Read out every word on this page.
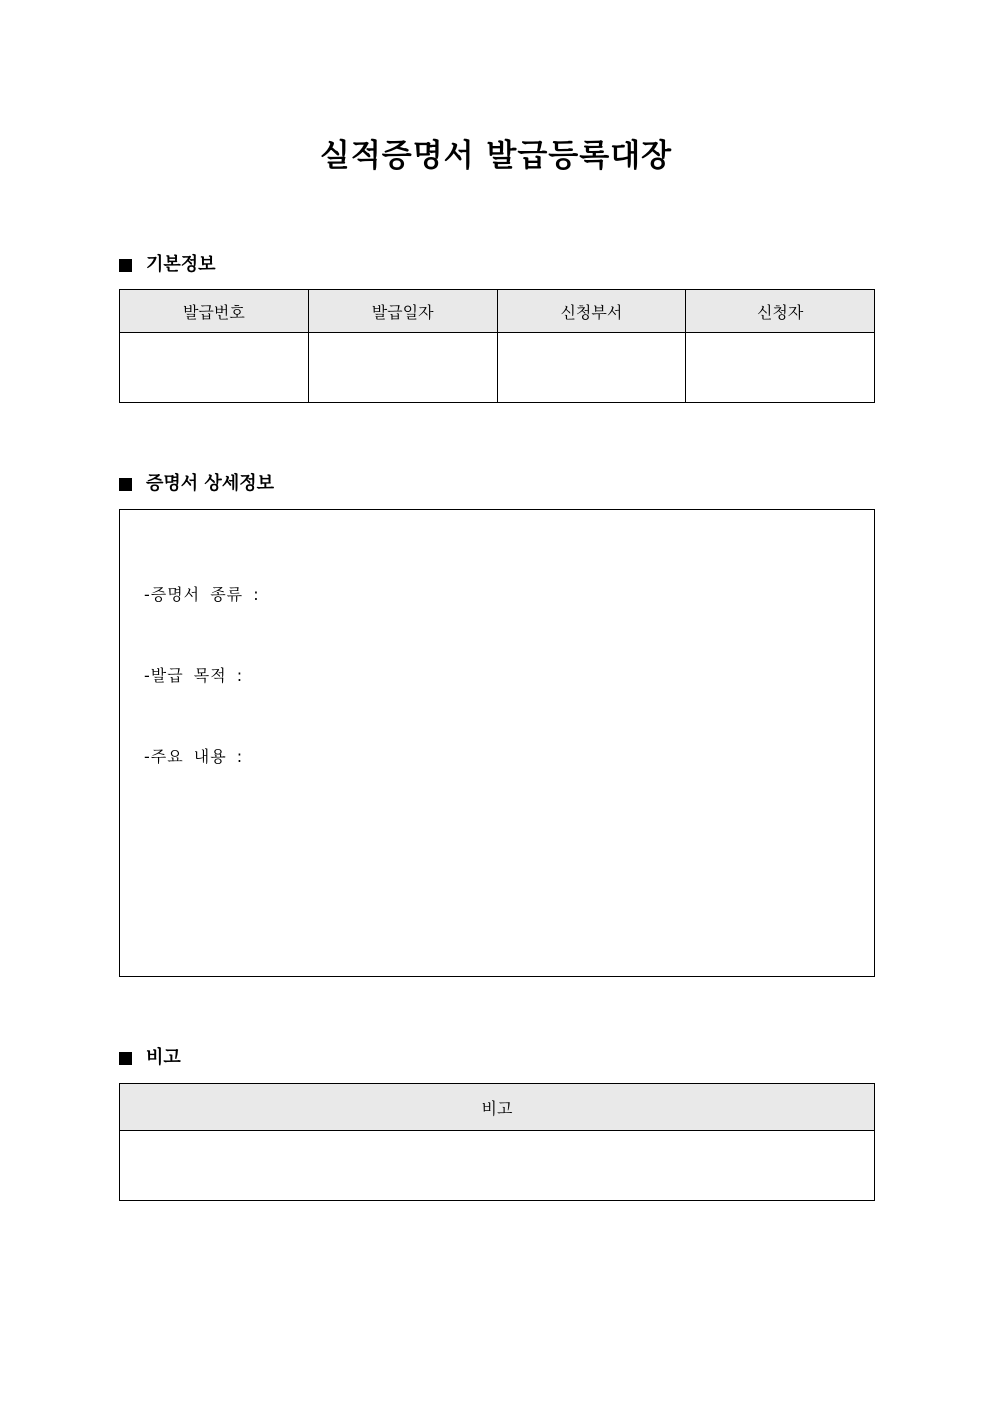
실적증명서 발급등록대장
기본정보
발급번호	발급일자	신청부서	신청자

증명서 상세정보

-증명서 종류 :

-발급 목적 :

-주요 내용 :

비고
비고
